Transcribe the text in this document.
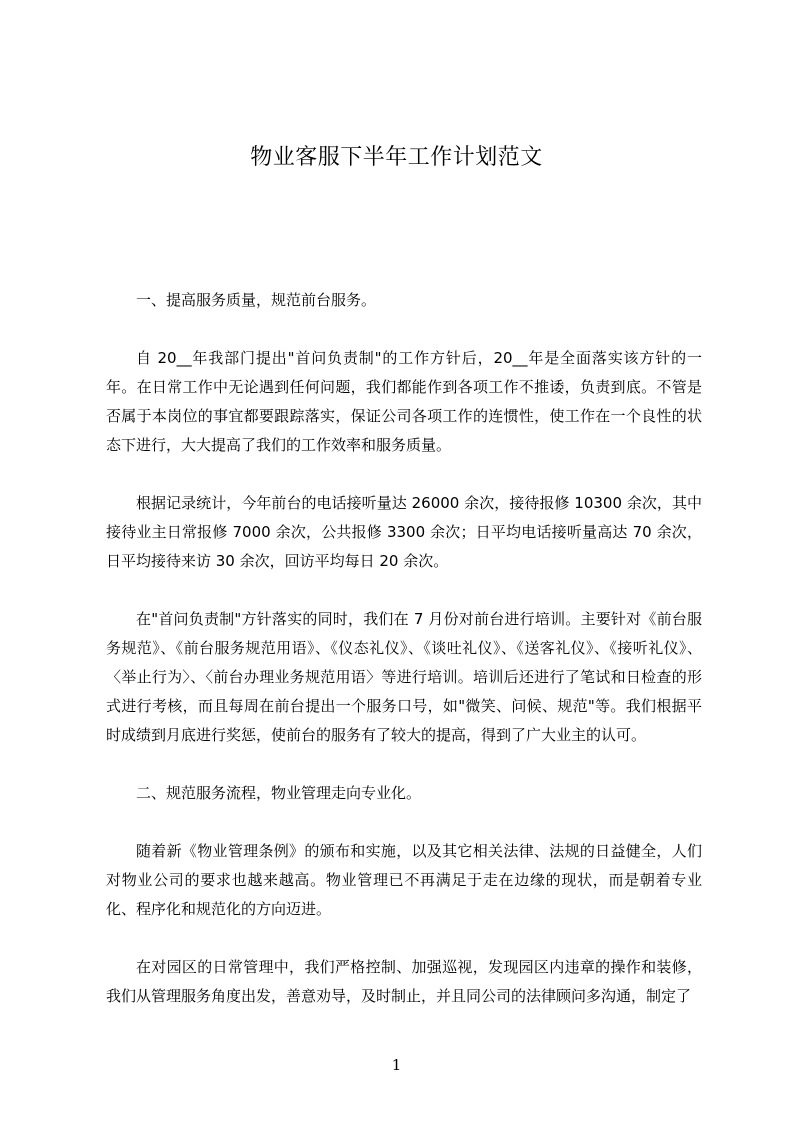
物业客服下半年工作计划范文

一、提高服务质量，规范前台服务。

自 20__年我部门提出"首问负责制"的工作方针后，20__年是全面落实该方针的一年。在日常工作中无论遇到任何问题，我们都能作到各项工作不推诿，负责到底。不管是否属于本岗位的事宜都要跟踪落实，保证公司各项工作的连惯性，使工作在一个良性的状态下进行，大大提高了我们的工作效率和服务质量。

根据记录统计，今年前台的电话接听量达 26000 余次，接待报修 10300 余次，其中接待业主日常报修 7000 余次，公共报修 3300 余次；日平均电话接听量高达 70 余次，日平均接待来访 30 余次，回访平均每日 20 余次。

在"首问负责制"方针落实的同时，我们在 7 月份对前台进行培训。主要针对《前台服务规范》、《前台服务规范用语》、《仪态礼仪》、《谈吐礼仪》、《送客礼仪》、《接听礼仪》、〈举止行为〉、〈前台办理业务规范用语〉等进行培训。培训后还进行了笔试和日检查的形式进行考核，而且每周在前台提出一个服务口号，如"微笑、问候、规范"等。我们根据平时成绩到月底进行奖惩，使前台的服务有了较大的提高，得到了广大业主的认可。

二、规范服务流程，物业管理走向专业化。

随着新《物业管理条例》的颁布和实施，以及其它相关法律、法规的日益健全，人们对物业公司的要求也越来越高。物业管理已不再满足于走在边缘的现状，而是朝着专业化、程序化和规范化的方向迈进。

在对园区的日常管理中，我们严格控制、加强巡视，发现园区内违章的操作和装修，我们从管理服务角度出发，善意劝导，及时制止，并且同公司的法律顾问多沟通，制定了

1
